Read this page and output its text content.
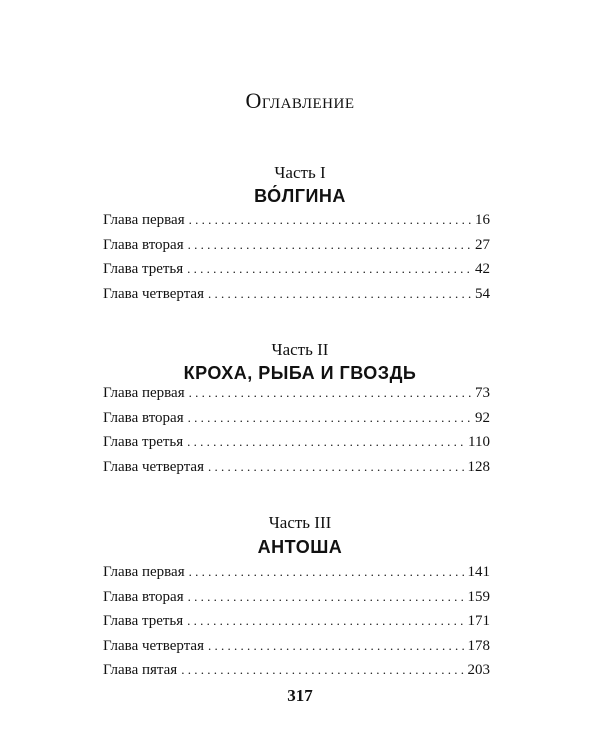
Оглавление
Часть I
ВО́ЛГИНА
Глава первая . . .	16
Глава вторая . . .	27
Глава третья . . .	42
Глава четвертая . . .	54
Часть II
КРОХА, РЫБА И ГВОЗДЬ
Глава первая . . .	73
Глава вторая . . .	92
Глава третья . . .	110
Глава четвертая . . .	128
Часть III
АНТОША
Глава первая . . .	141
Глава вторая . . .	159
Глава третья . . .	171
Глава четвертая . . .	178
Глава пятая . . .	203
317
